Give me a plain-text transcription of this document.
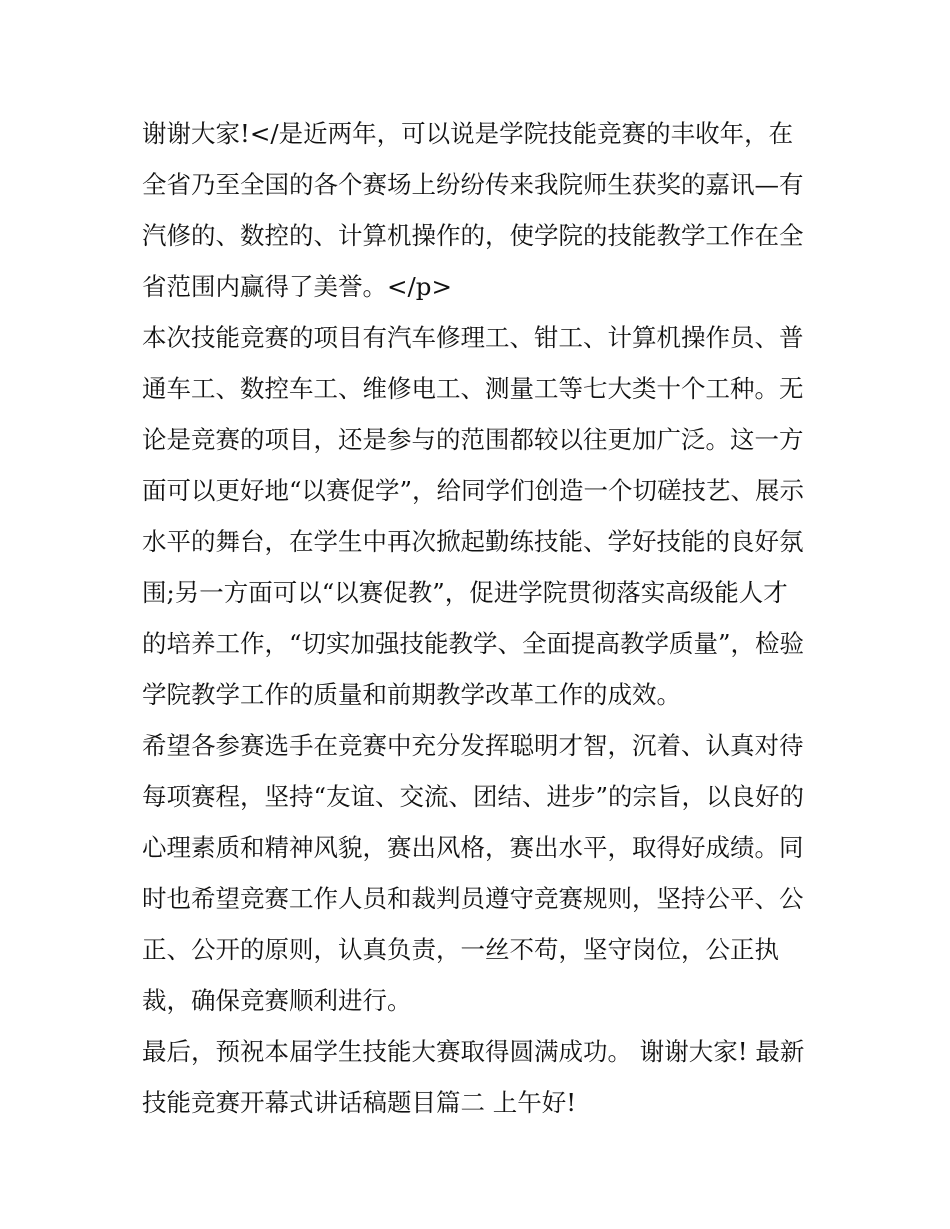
谢谢大家!</是近两年，可以说是学院技能竞赛的丰收年，在
全省乃至全国的各个赛场上纷纷传来我院师生获奖的嘉讯—有
汽修的、数控的、计算机操作的，使学院的技能教学工作在全
省范围内赢得了美誉。</p>
本次技能竞赛的项目有汽车修理工、钳工、计算机操作员、普
通车工、数控车工、维修电工、测量工等七大类十个工种。无
论是竞赛的项目，还是参与的范围都较以往更加广泛。这一方
面可以更好地“以赛促学”，给同学们创造一个切磋技艺、展示
水平的舞台，在学生中再次掀起勤练技能、学好技能的良好氛
围;另一方面可以“以赛促教”，促进学院贯彻落实高级能人才
的培养工作，“切实加强技能教学、全面提高教学质量”，检验
学院教学工作的质量和前期教学改革工作的成效。
希望各参赛选手在竞赛中充分发挥聪明才智，沉着、认真对待
每项赛程，坚持“友谊、交流、团结、进步”的宗旨，以良好的
心理素质和精神风貌，赛出风格，赛出水平，取得好成绩。同
时也希望竞赛工作人员和裁判员遵守竞赛规则，坚持公平、公
正、公开的原则，认真负责，一丝不苟，坚守岗位，公正执
裁，确保竞赛顺利进行。
最后，预祝本届学生技能大赛取得圆满成功。 谢谢大家! 最新
技能竞赛开幕式讲话稿题目篇二 上午好!
